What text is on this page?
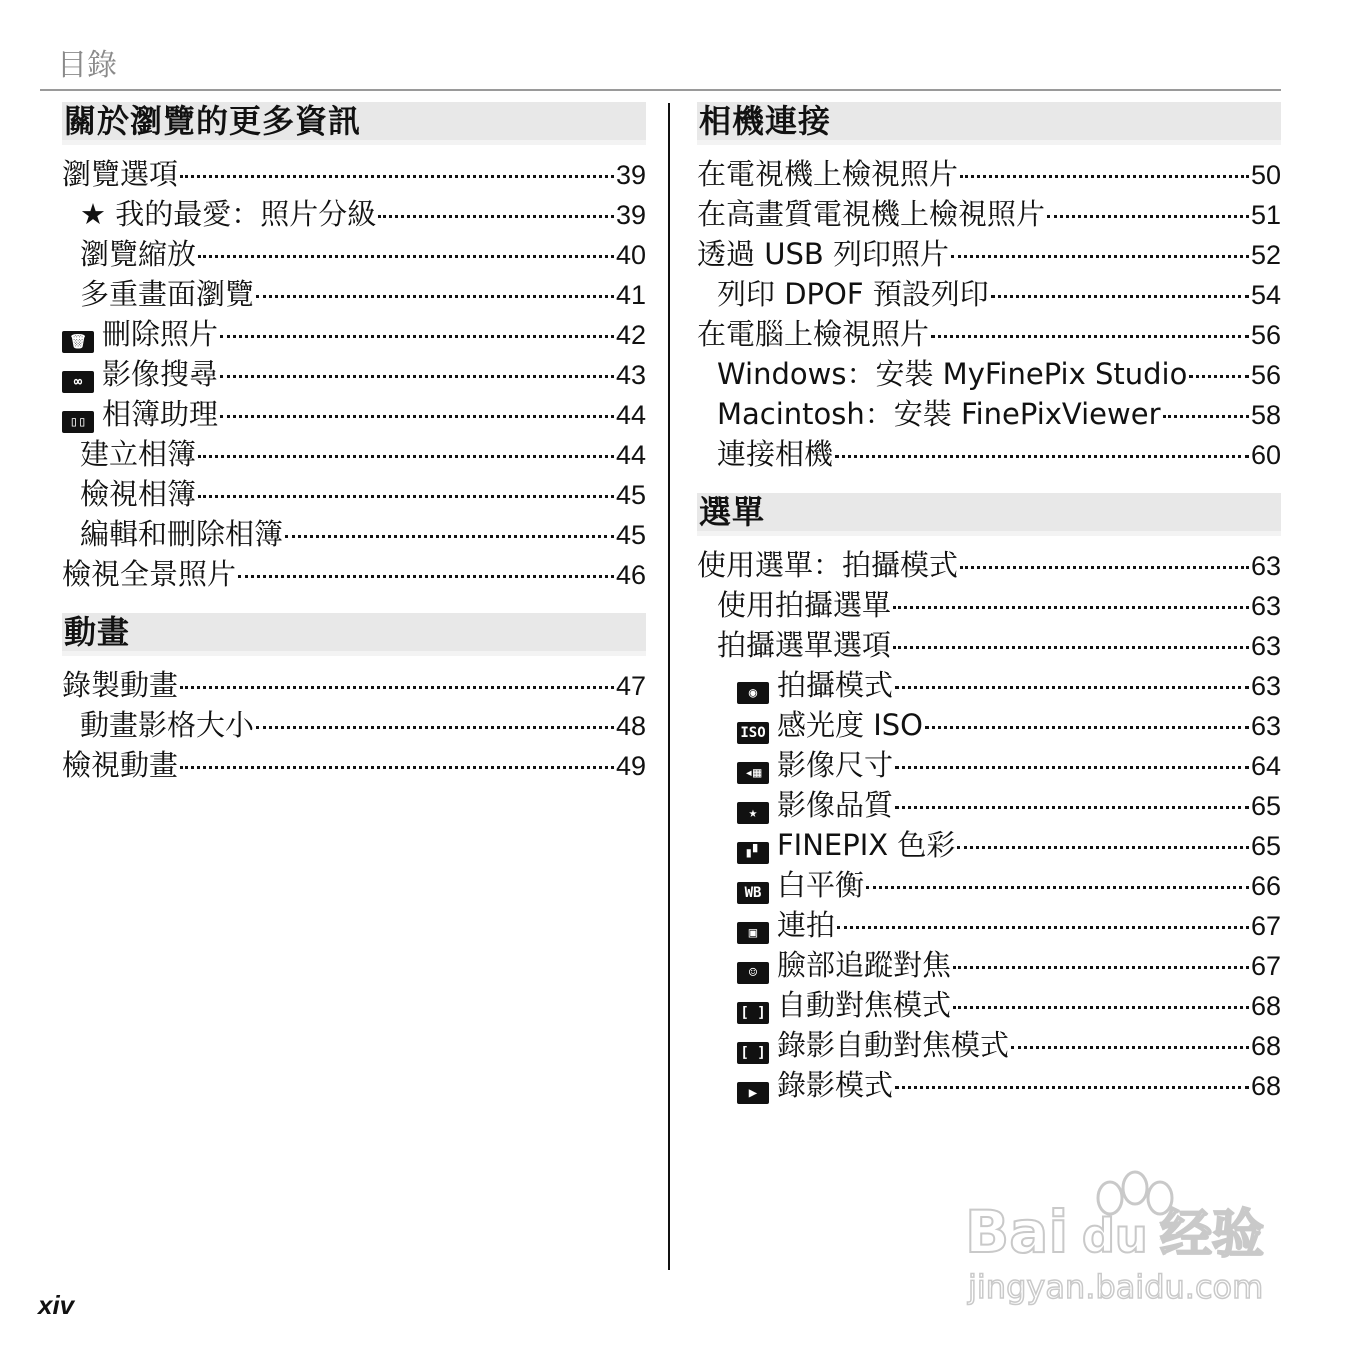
目錄
關於瀏覽的更多資訊
瀏覽選項	39
★ 我的最愛：照片分級	39
瀏覽縮放	40
多重畫面瀏覽	41
🗑 刪除照片	42
∞ 影像搜尋	43
▯▯ 相簿助理	44
建立相簿	44
檢視相簿	45
編輯和刪除相簿	45
檢視全景照片	46
動畫
錄製動畫	47
動畫影格大小	48
檢視動畫	49
相機連接
在電視機上檢視照片	50
在高畫質電視機上檢視照片	51
透過 USB 列印照片	52
列印 DPOF 預設列印	54
在電腦上檢視照片	56
Windows：安裝 MyFinePix Studio 56
Macintosh：安裝 FinePixViewer	58
連接相機	60
選單
使用選單：拍攝模式	63
使用拍攝選單	63
拍攝選單選項	63
◉ 拍攝模式	63
ISO 感光度 ISO	63
◂▦ 影像尺寸	64
★ 影像品質	65
▮▘ FINEPIX 色彩	65
WB 白平衡	66
▣ 連拍	67
☺ 臉部追蹤對焦	67
[ ] 自動對焦模式	68
[ ] 錄影自動對焦模式	68
▶ 錄影模式	68
xiv
Bai du 经验
jingyan.baidu.com
